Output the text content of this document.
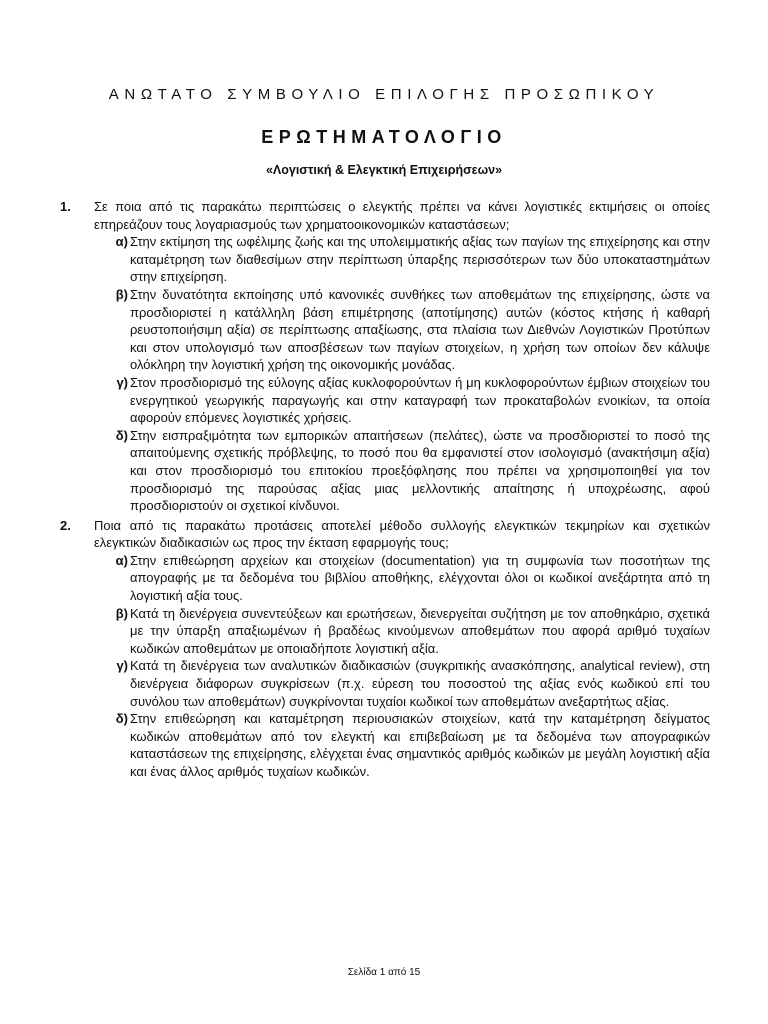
ΑΝΩΤΑΤΟ ΣΥΜΒΟΥΛΙΟ ΕΠΙΛΟΓΗΣ ΠΡΟΣΩΠΙΚΟΥ
ΕΡΩΤΗΜΑΤΟΛΟΓΙΟ
«Λογιστική & Ελεγκτική Επιχειρήσεων»
1. Σε ποια από τις παρακάτω περιπτώσεις ο ελεγκτής πρέπει να κάνει λογιστικές εκτιμήσεις οι οποίες επηρεάζουν τους λογαριασμούς των χρηματοοικονομικών καταστάσεων;
α) Στην εκτίμηση της ωφέλιμης ζωής και της υπολειμματικής αξίας των παγίων της επιχείρησης και στην καταμέτρηση των διαθεσίμων στην περίπτωση ύπαρξης περισσότερων των δύο υποκαταστημάτων στην επιχείρηση.
β) Στην δυνατότητα εκποίησης υπό κανονικές συνθήκες των αποθεμάτων της επιχείρησης, ώστε να προσδιοριστεί η κατάλληλη βάση επιμέτρησης (αποτίμησης) αυτών (κόστος κτήσης ή καθαρή ρευστοποιήσιμη αξία) σε περίπτωσης απαξίωσης, στα πλαίσια των Διεθνών Λογιστικών Προτύπων και στον υπολογισμό των αποσβέσεων των παγίων στοιχείων, η χρήση των οποίων δεν κάλυψε ολόκληρη την λογιστική χρήση της οικονομικής μονάδας.
γ) Στον προσδιορισμό της εύλογης αξίας κυκλοφορούντων ή μη κυκλοφορούντων έμβιων στοιχείων του ενεργητικού γεωργικής παραγωγής και στην καταγραφή των προκαταβολών ενοικίων, τα οποία αφορούν επόμενες λογιστικές χρήσεις.
δ) Στην εισπραξιμότητα των εμπορικών απαιτήσεων (πελάτες), ώστε να προσδιοριστεί το ποσό της απαιτούμενης σχετικής πρόβλεψης, το ποσό που θα εμφανιστεί στον ισολογισμό (ανακτήσιμη αξία) και στον προσδιορισμό του επιτοκίου προεξόφλησης που πρέπει να χρησιμοποιηθεί για τον προσδιορισμό της παρούσας αξίας μιας μελλοντικής απαίτησης ή υποχρέωσης, αφού προσδιοριστούν οι σχετικοί κίνδυνοι.
2. Ποια από τις παρακάτω προτάσεις αποτελεί μέθοδο συλλογής ελεγκτικών τεκμηρίων και σχετικών ελεγκτικών διαδικασιών ως προς την έκταση εφαρμογής τους;
α) Στην επιθεώρηση αρχείων και στοιχείων (documentation) για τη συμφωνία των ποσοτήτων της απογραφής με τα δεδομένα του βιβλίου αποθήκης, ελέγχονται όλοι οι κωδικοί ανεξάρτητα από τη λογιστική αξία τους.
β) Κατά τη διενέργεια συνεντεύξεων και ερωτήσεων, διενεργείται συζήτηση με τον αποθηκάριο, σχετικά με την ύπαρξη απαξιωμένων ή βραδέως κινούμενων αποθεμάτων που αφορά αριθμό τυχαίων κωδικών αποθεμάτων με οποιαδήποτε λογιστική αξία.
γ) Κατά τη διενέργεια των αναλυτικών διαδικασιών (συγκριτικής ανασκόπησης, analytical review), στη διενέργεια διάφορων συγκρίσεων (π.χ. εύρεση του ποσοστού της αξίας ενός κωδικού επί του συνόλου των αποθεμάτων) συγκρίνονται τυχαίοι κωδικοί των αποθεμάτων ανεξαρτήτως αξίας.
δ) Στην επιθεώρηση και καταμέτρηση περιουσιακών στοιχείων, κατά την καταμέτρηση δείγματος κωδικών αποθεμάτων από τον ελεγκτή και επιβεβαίωση με τα δεδομένα των απογραφικών καταστάσεων της επιχείρησης, ελέγχεται ένας σημαντικός αριθμός κωδικών με μεγάλη λογιστική αξία και ένας άλλος αριθμός τυχαίων κωδικών.
Σελίδα 1 από 15
